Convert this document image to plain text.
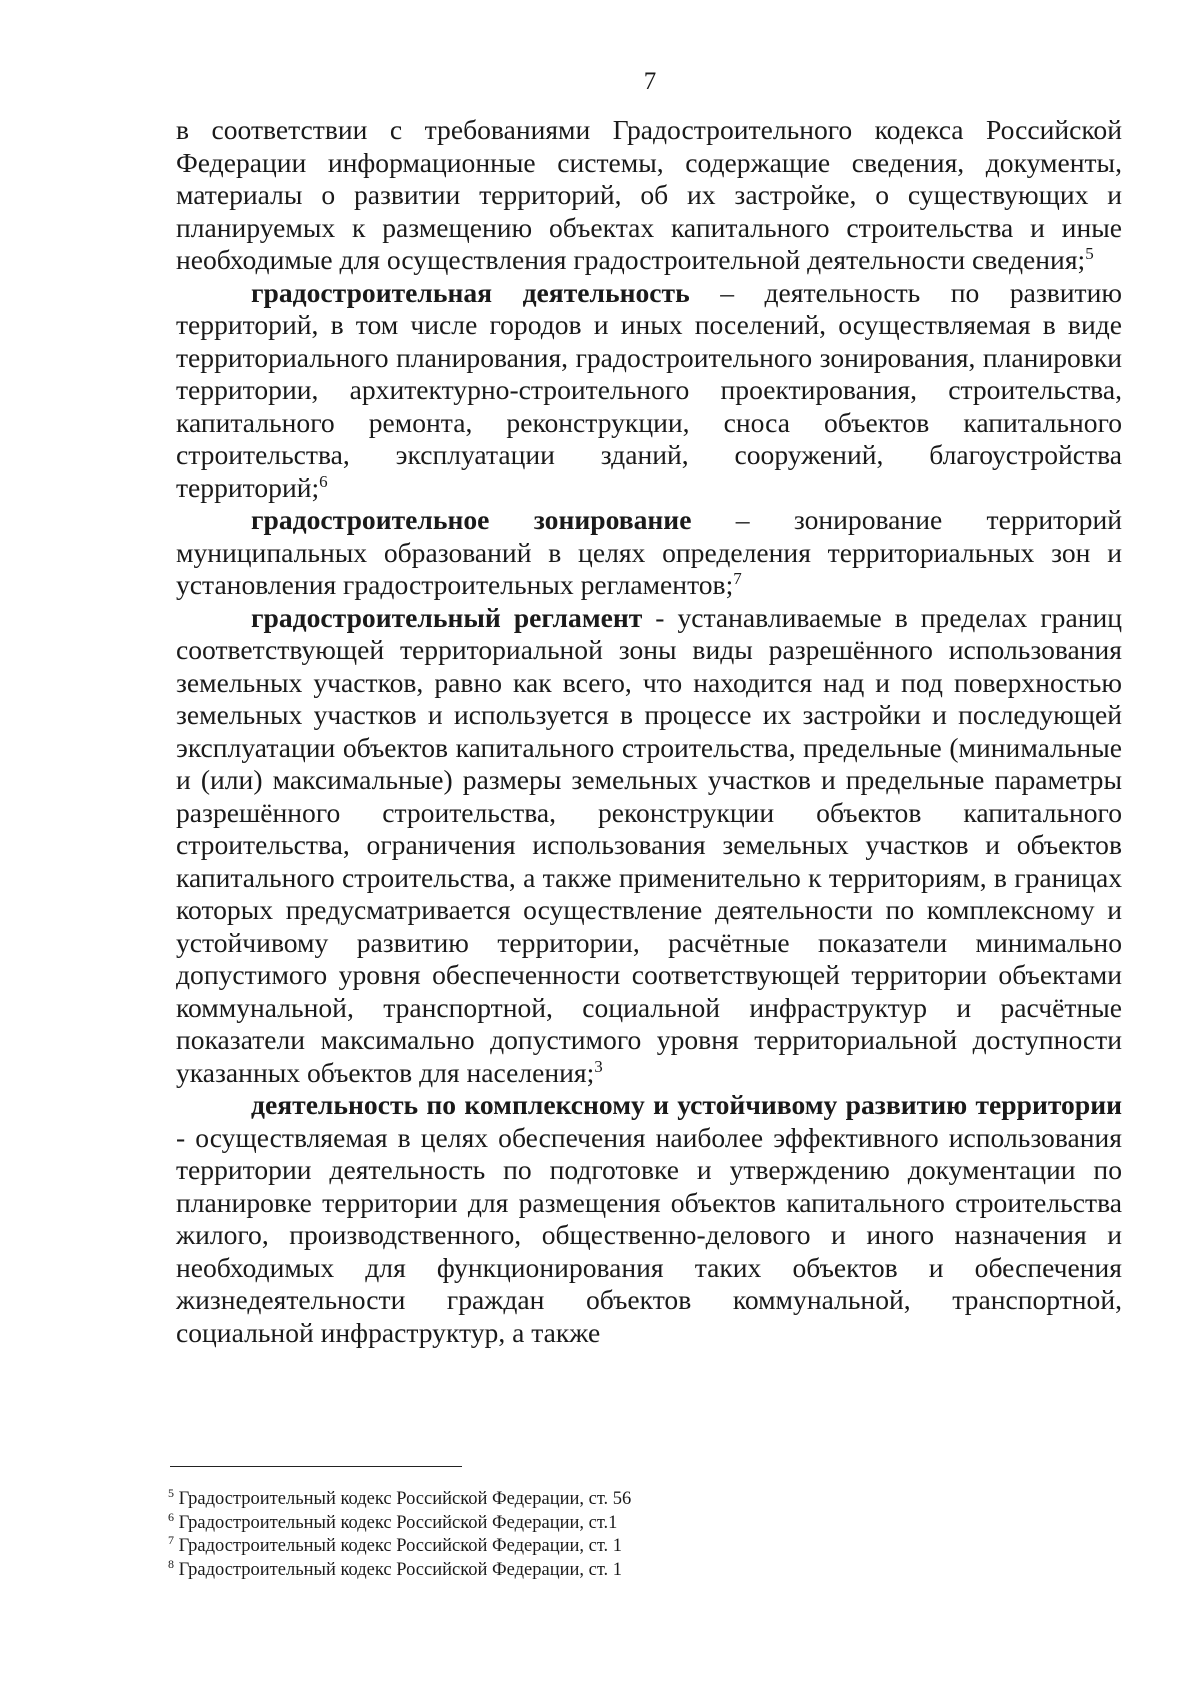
7

в соответствии с требованиями Градостроительного кодекса Российской Федерации информационные системы, содержащие сведения, документы, материалы о развитии территорий, об их застройке, о существующих и планируемых к размещению объектах капитального строительства и иные необходимые для осуществления градостроительной деятельности сведения;$^5$

градостроительная деятельность – деятельность по развитию территорий, в том числе городов и иных поселений, осуществляемая в виде территориального планирования, градостроительного зонирования, планировки территории, архитектурно-строительного проектирования, строительства, капитального ремонта, реконструкции, сноса объектов капитального строительства, эксплуатации зданий, сооружений, благоустройства территорий;$^6$

градостроительное зонирование – зонирование территорий муниципальных образований в целях определения территориальных зон и установления градостроительных регламентов;$^7$

градостроительный регламент - устанавливаемые в пределах границ соответствующей территориальной зоны виды разрешённого использования земельных участков, равно как всего, что находится над и под поверхностью земельных участков и используется в процессе их застройки и последующей эксплуатации объектов капитального строительства, предельные (минимальные и (или) максимальные) размеры земельных участков и предельные параметры разрешённого строительства, реконструкции объектов капитального строительства, ограничения использования земельных участков и объектов капитального строительства, а также применительно к территориям, в границах которых предусматривается осуществление деятельности по комплексному и устойчивому развитию территории, расчётные показатели минимально допустимого уровня обеспеченности соответствующей территории объектами коммунальной, транспортной, социальной инфраструктур и расчётные показатели максимально допустимого уровня территориальной доступности указанных объектов для населения;$^3$

деятельность по комплексному и устойчивому развитию территории - осуществляемая в целях обеспечения наиболее эффективного использования территории деятельность по подготовке и утверждению документации по планировке территории для размещения объектов капитального строительства жилого, производственного, общественно-делового и иного назначения и необходимых для функционирования таких объектов и обеспечения жизнедеятельности граждан объектов коммунальной, транспортной, социальной инфраструктур, а также

$^5$ Градостроительный кодекс Российской Федерации, ст. 56

$^6$ Градостроительный кодекс Российской Федерации, ст.1

$^7$ Градостроительный кодекс Российской Федерации, ст. 1

$^8$ Градостроительный кодекс Российской Федерации, ст. 1
